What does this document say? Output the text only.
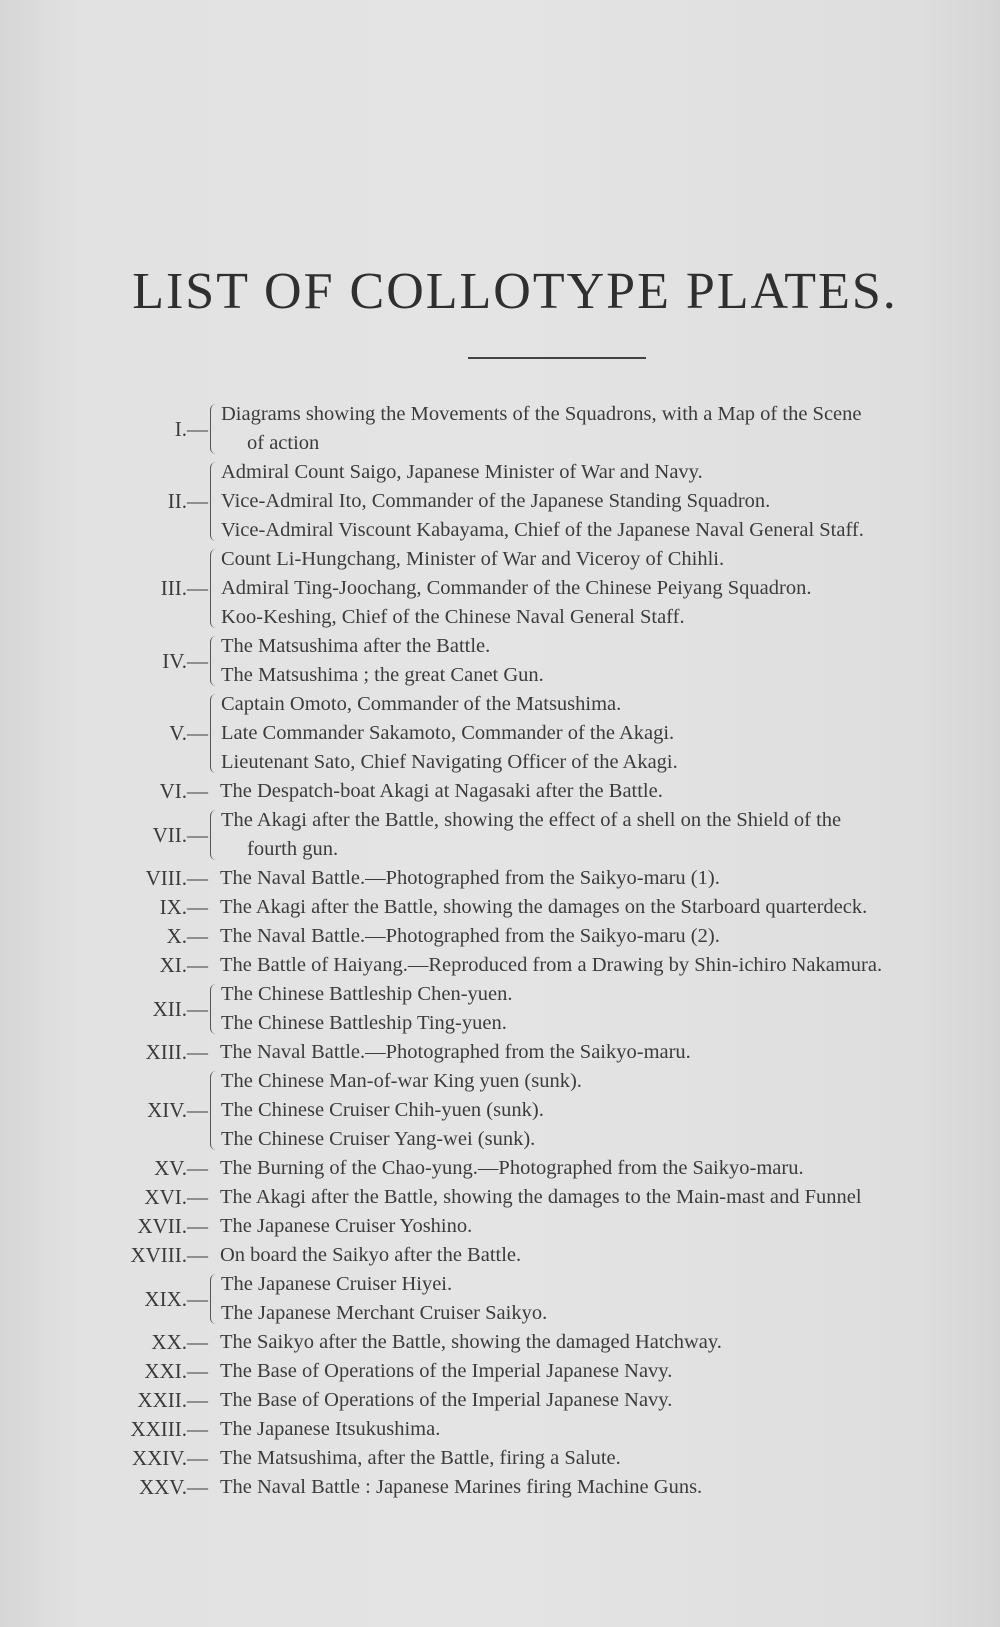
LIST OF COLLOTYPE PLATES.
I.—
Diagrams showing the Movements of the Squadrons, with a Map of the Scene
of action
II.—
Admiral Count Saigo, Japanese Minister of War and Navy.
Vice-Admiral Ito, Commander of the Japanese Standing Squadron.
Vice-Admiral Viscount Kabayama, Chief of the Japanese Naval General Staff.
III.—
Count Li-Hungchang, Minister of War and Viceroy of Chihli.
Admiral Ting-Joochang, Commander of the Chinese Peiyang Squadron.
Koo-Keshing, Chief of the Chinese Naval General Staff.
IV.—
The Matsushima after the Battle.
The Matsushima ; the great Canet Gun.
V.—
Captain Omoto, Commander of the Matsushima.
Late Commander Sakamoto, Commander of the Akagi.
Lieutenant Sato, Chief Navigating Officer of the Akagi.
VI.— The Despatch-boat Akagi at Nagasaki after the Battle.
VII.—
The Akagi after the Battle, showing the effect of a shell on the Shield of the
fourth gun.
VIII.— The Naval Battle.—Photographed from the Saikyo-maru (1).
IX.— The Akagi after the Battle, showing the damages on the Starboard quarterdeck.
X.— The Naval Battle.—Photographed from the Saikyo-maru (2).
XI.— The Battle of Haiyang.—Reproduced from a Drawing by Shin-ichiro Nakamura.
XII.—
The Chinese Battleship Chen-yuen.
The Chinese Battleship Ting-yuen.
XIII.— The Naval Battle.—Photographed from the Saikyo-maru.
XIV.—
The Chinese Man-of-war King yuen (sunk).
The Chinese Cruiser Chih-yuen (sunk).
The Chinese Cruiser Yang-wei (sunk).
XV.— The Burning of the Chao-yung.—Photographed from the Saikyo-maru.
XVI.— The Akagi after the Battle, showing the damages to the Main-mast and Funnel
XVII.— The Japanese Cruiser Yoshino.
XVIII.— On board the Saikyo after the Battle.
XIX.—
The Japanese Cruiser Hiyei.
The Japanese Merchant Cruiser Saikyo.
XX.— The Saikyo after the Battle, showing the damaged Hatchway.
XXI.— The Base of Operations of the Imperial Japanese Navy.
XXII.— The Base of Operations of the Imperial Japanese Navy.
XXIII.— The Japanese Itsukushima.
XXIV.— The Matsushima, after the Battle, firing a Salute.
XXV.— The Naval Battle : Japanese Marines firing Machine Guns.
